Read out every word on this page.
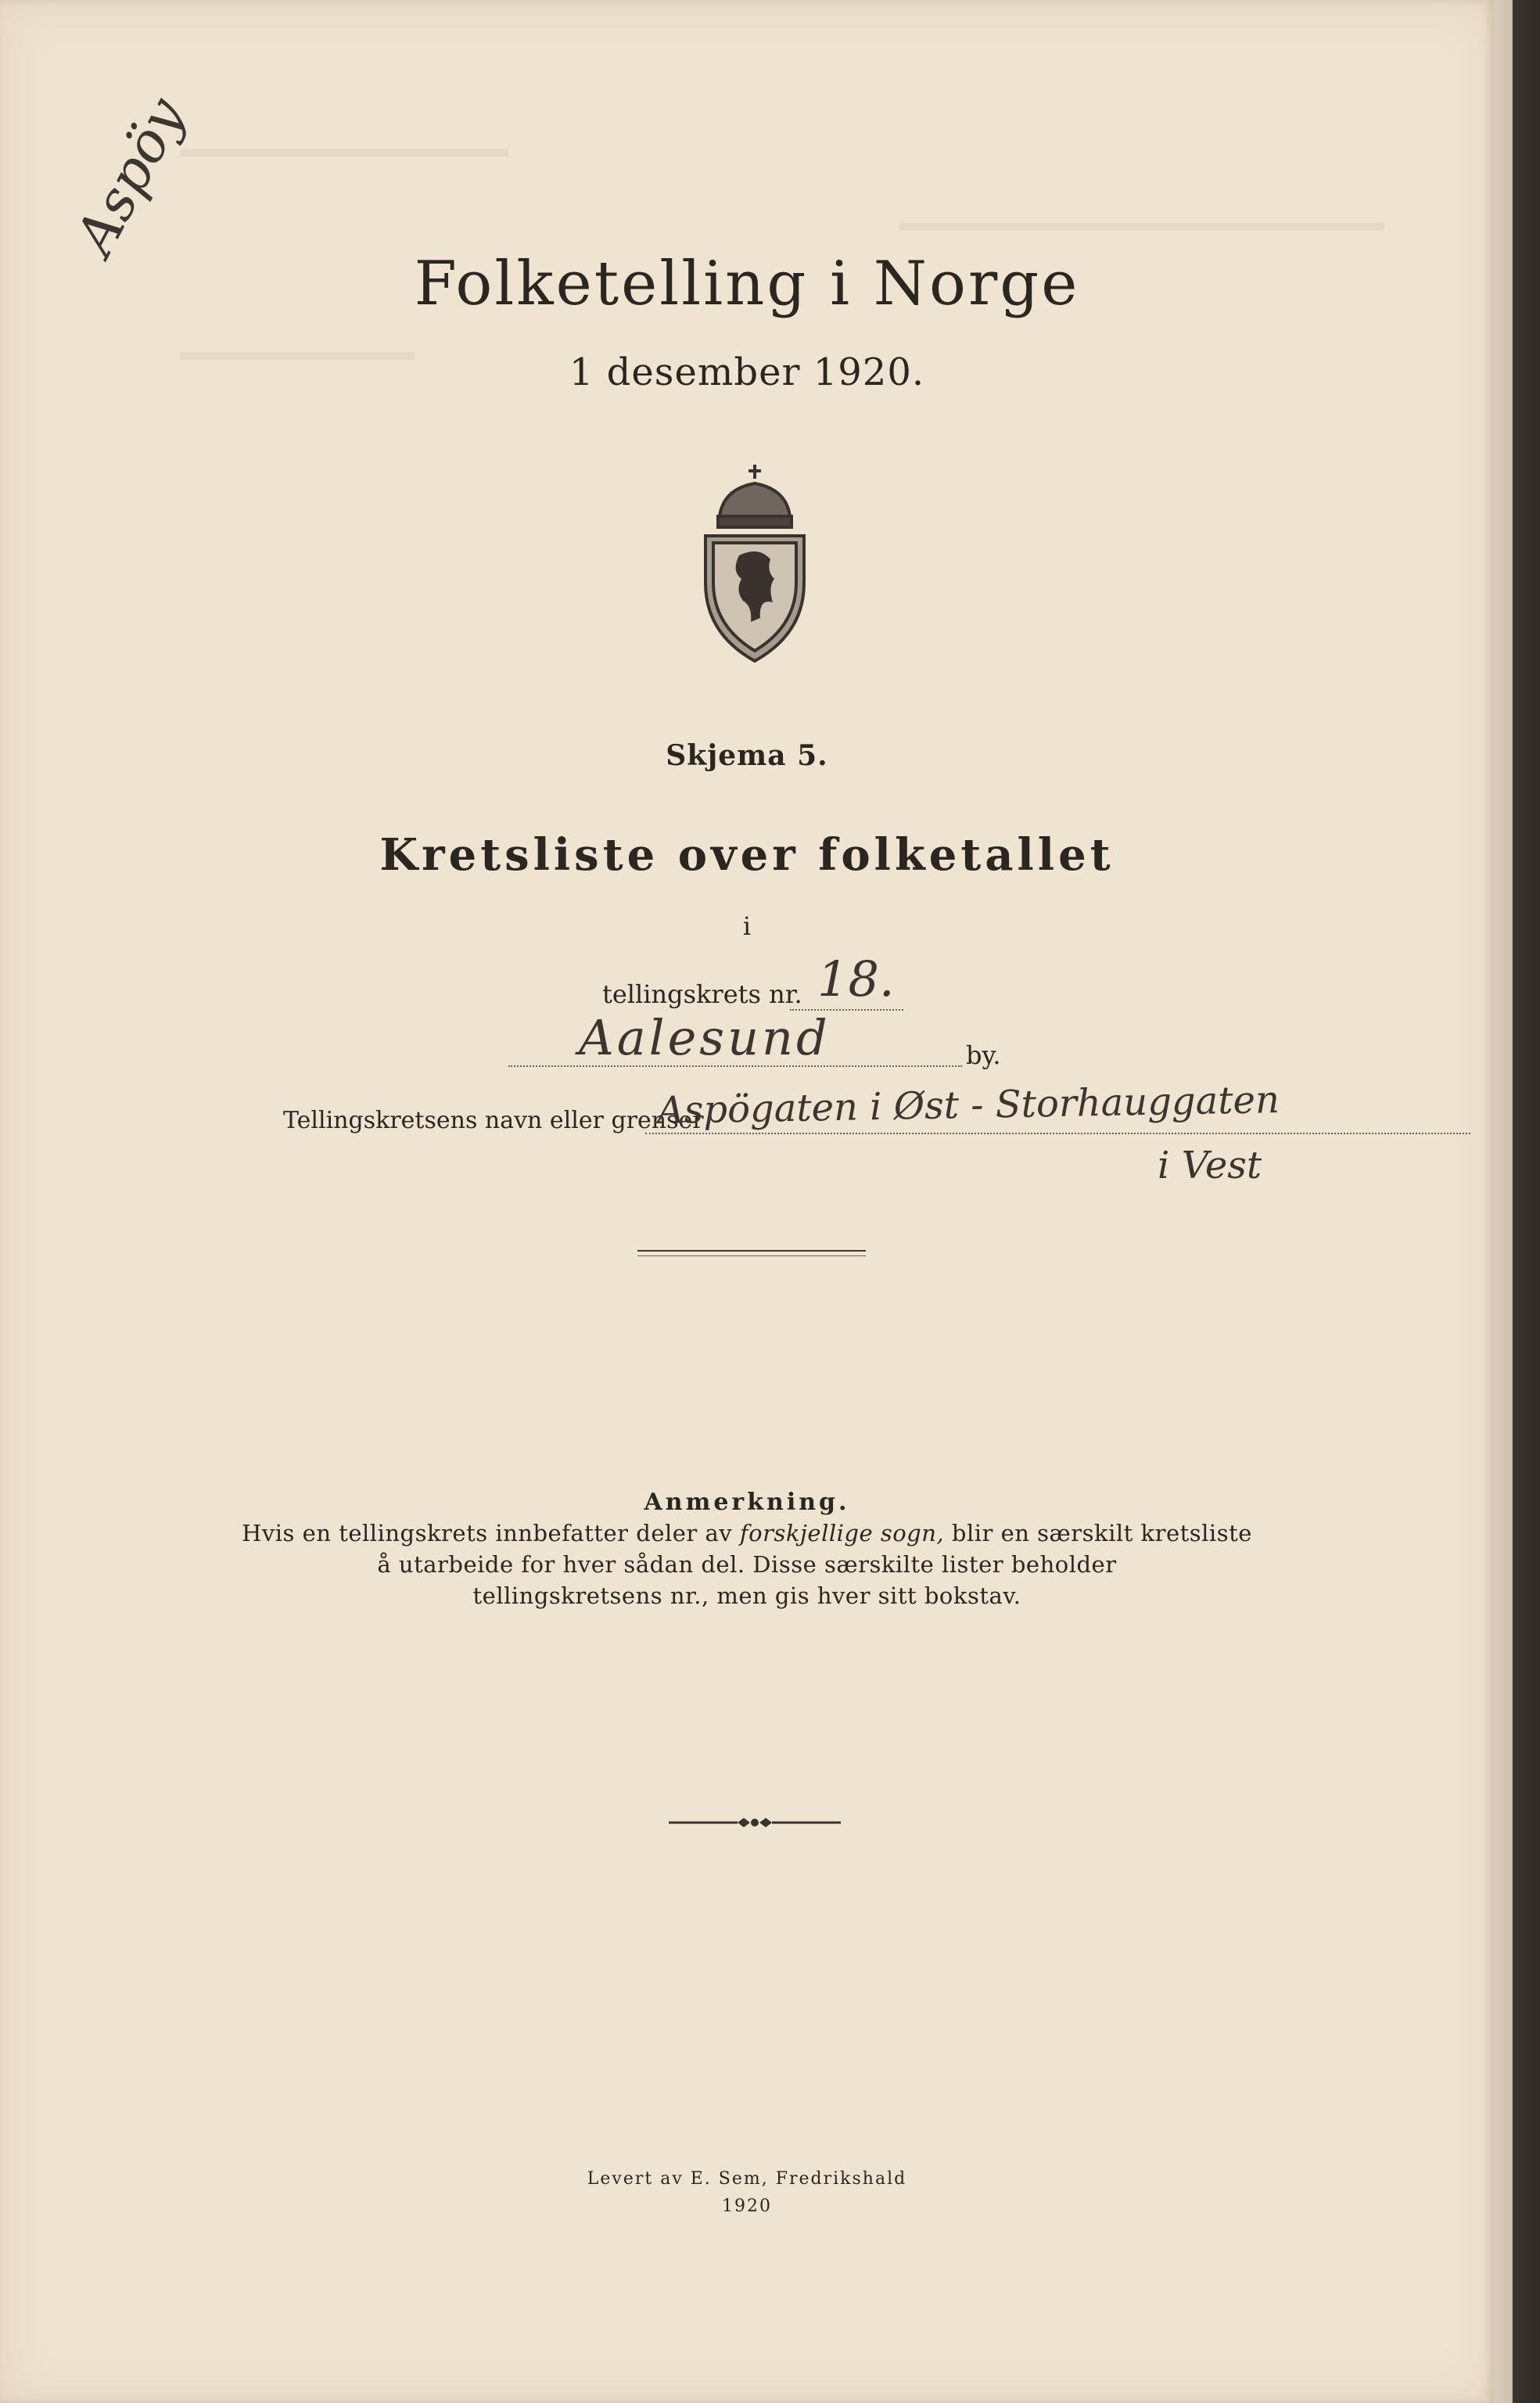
Aspöy
Folketelling i Norge
1 desember 1920.
Skjema 5.
Kretsliste over folketallet
i
tellingskrets nr. 18.
Aalesund	by.
Tellingskretsens navn eller grenser
Aspögaten i Øst - Storhauggaten
i Vest
Anmerkning.
Hvis en tellingskrets innbefatter deler av forskjellige sogn, blir en særskilt kretsliste
å utarbeide for hver sådan del. Disse særskilte lister beholder
tellingskretsens nr., men gis hver sitt bokstav.
Levert av E. Sem, Fredrikshald
1920
